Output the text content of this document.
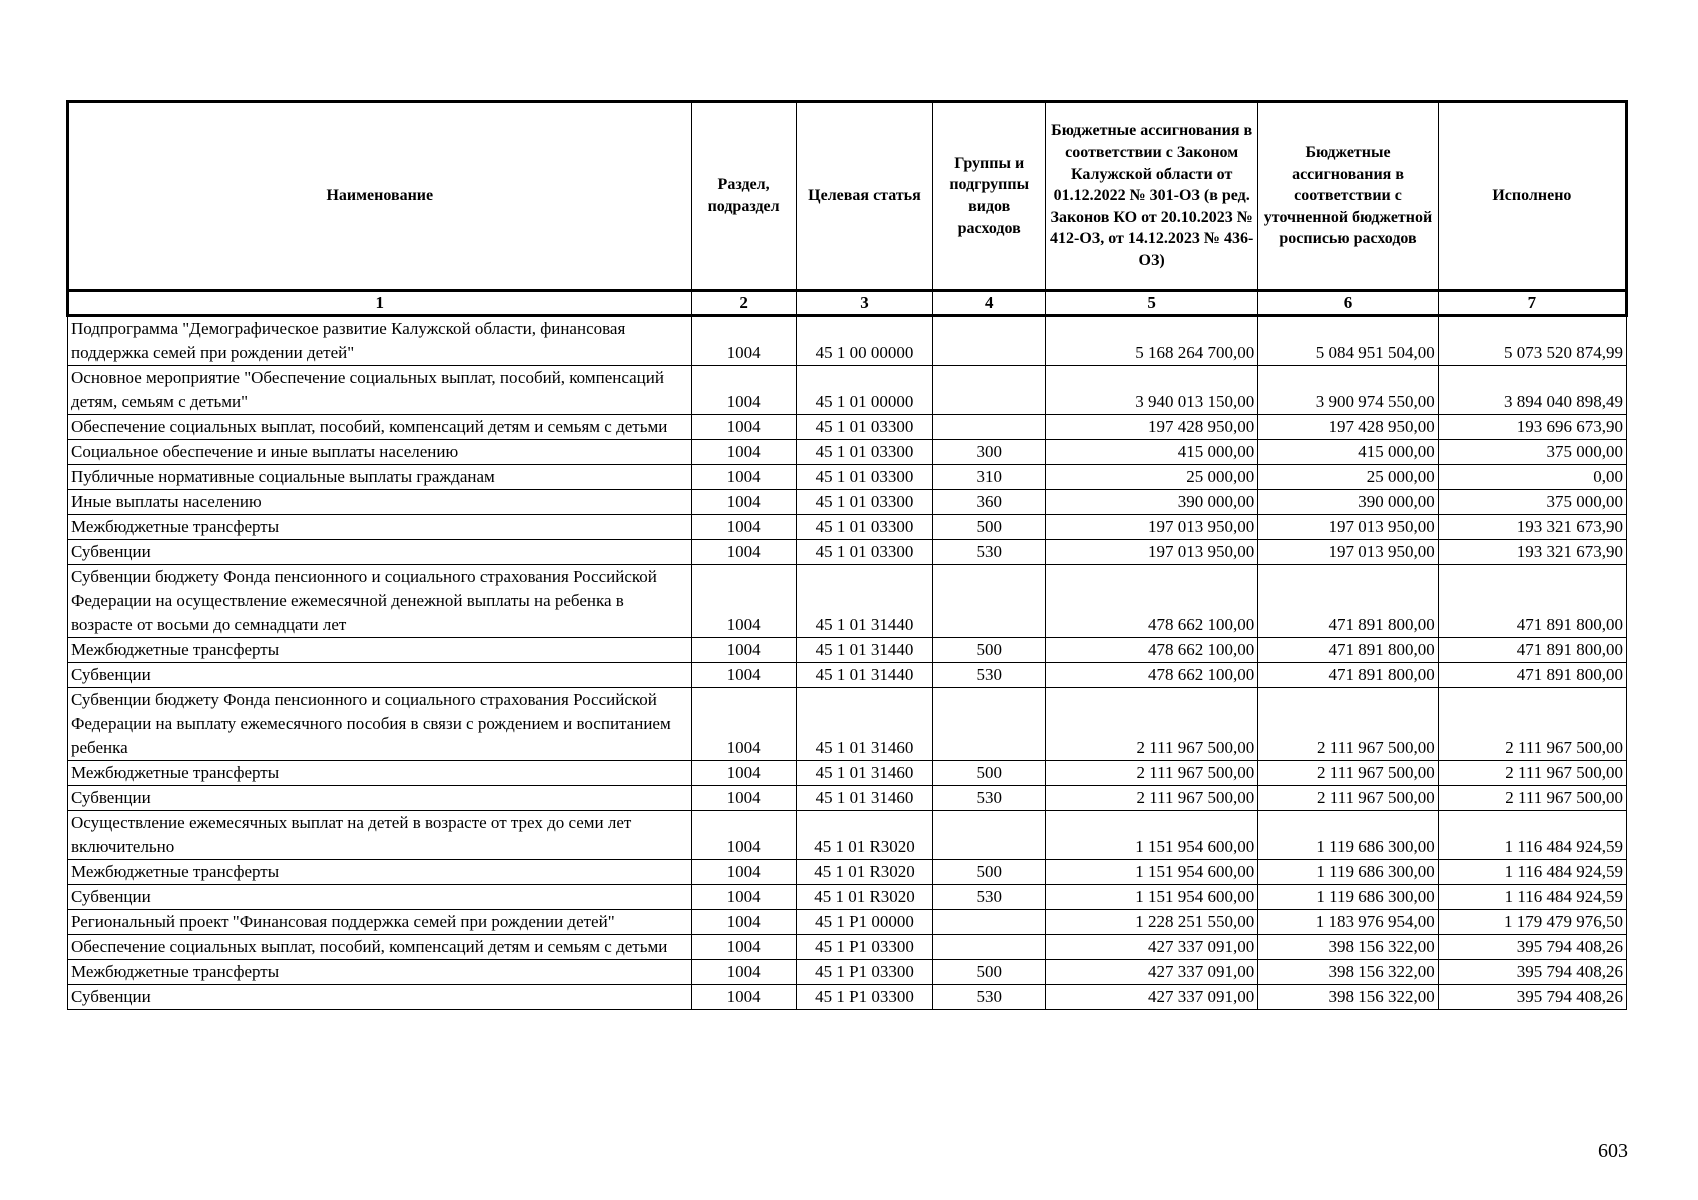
Наименование	Раздел, подраздел	Целевая статья	Группы и подгруппы видов расходов	Бюджетные ассигнования в соответствии с Законом Калужской области от 01.12.2022 № 301-ОЗ (в ред. Законов КО от 20.10.2023 № 412-ОЗ, от 14.12.2023 № 436-ОЗ)	Бюджетные ассигнования в соответствии с уточненной бюджетной росписью расходов	Исполнено
1	2	3	4	5	6	7
Подпрограмма "Демографическое развитие Калужской области, финансовая поддержка семей при рождении детей"	1004	45 1 00 00000		5 168 264 700,00	5 084 951 504,00	5 073 520 874,99
Основное мероприятие "Обеспечение социальных выплат, пособий, компенсаций детям, семьям с детьми"	1004	45 1 01 00000		3 940 013 150,00	3 900 974 550,00	3 894 040 898,49
Обеспечение социальных выплат, пособий, компенсаций детям и семьям с детьми	1004	45 1 01 03300		197 428 950,00	197 428 950,00	193 696 673,90
Социальное обеспечение и иные выплаты населению	1004	45 1 01 03300	300	415 000,00	415 000,00	375 000,00
Публичные нормативные социальные выплаты гражданам	1004	45 1 01 03300	310	25 000,00	25 000,00	0,00
Иные выплаты населению	1004	45 1 01 03300	360	390 000,00	390 000,00	375 000,00
Межбюджетные трансферты	1004	45 1 01 03300	500	197 013 950,00	197 013 950,00	193 321 673,90
Субвенции	1004	45 1 01 03300	530	197 013 950,00	197 013 950,00	193 321 673,90
Субвенции бюджету Фонда пенсионного и социального страхования Российской Федерации на осуществление ежемесячной денежной выплаты на ребенка в возрасте от восьми до семнадцати лет	1004	45 1 01 31440		478 662 100,00	471 891 800,00	471 891 800,00
Межбюджетные трансферты	1004	45 1 01 31440	500	478 662 100,00	471 891 800,00	471 891 800,00
Субвенции	1004	45 1 01 31440	530	478 662 100,00	471 891 800,00	471 891 800,00
Субвенции бюджету Фонда пенсионного и социального страхования Российской Федерации на выплату ежемесячного пособия в связи с рождением и воспитанием ребенка	1004	45 1 01 31460		2 111 967 500,00	2 111 967 500,00	2 111 967 500,00
Межбюджетные трансферты	1004	45 1 01 31460	500	2 111 967 500,00	2 111 967 500,00	2 111 967 500,00
Субвенции	1004	45 1 01 31460	530	2 111 967 500,00	2 111 967 500,00	2 111 967 500,00
Осуществление ежемесячных выплат на детей в возрасте от трех до семи лет включительно	1004	45 1 01 R3020		1 151 954 600,00	1 119 686 300,00	1 116 484 924,59
Межбюджетные трансферты	1004	45 1 01 R3020	500	1 151 954 600,00	1 119 686 300,00	1 116 484 924,59
Субвенции	1004	45 1 01 R3020	530	1 151 954 600,00	1 119 686 300,00	1 116 484 924,59
Региональный проект "Финансовая поддержка семей при рождении детей"	1004	45 1 P1 00000		1 228 251 550,00	1 183 976 954,00	1 179 479 976,50
Обеспечение социальных выплат, пособий, компенсаций детям и семьям с детьми	1004	45 1 P1 03300		427 337 091,00	398 156 322,00	395 794 408,26
Межбюджетные трансферты	1004	45 1 P1 03300	500	427 337 091,00	398 156 322,00	395 794 408,26
Субвенции	1004	45 1 P1 03300	530	427 337 091,00	398 156 322,00	395 794 408,26
603
